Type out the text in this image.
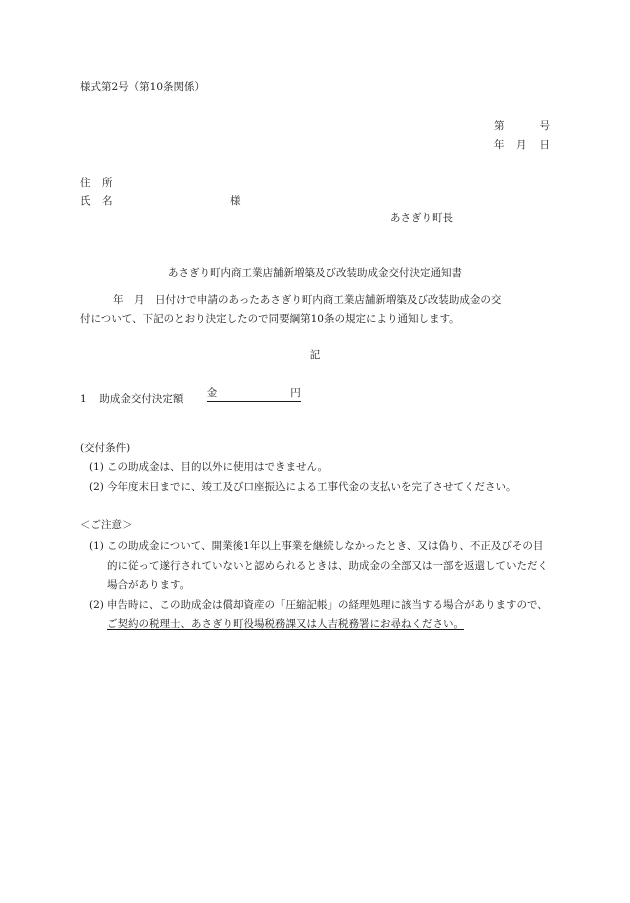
様式第2号（第10条関係）
第	号
年 月 日
住 所
氏 名	様
あさぎり町長
あさぎり町内商工業店舗新増築及び改装助成金交付決定通知書

年　月　日付けで申請のあったあさぎり町内商工業店舗新増築及び改装助成金の交

付について、下記のとおり決定したので同要綱第10条の規定により通知します。

記
1 助成金交付決定額 金	円
(交付条件)

(1) この助成金は、目的以外に使用はできません。

(2) 今年度末日までに、竣工及び口座振込による工事代金の支払いを完了させてください。

＜ご注意＞

(1) この助成金について、開業後1年以上事業を継続しなかったとき、又は偽り、不正及びその目的に従って遂行されていないと認められるときは、助成金の全部又は一部を返還していただく場合があります。

(2) 申告時に、この助成金は償却資産の「圧縮記帳」の経理処理に該当する場合がありますので、ご契約の税理士、あさぎり町役場税務課又は人吉税務署にお尋ねください。
